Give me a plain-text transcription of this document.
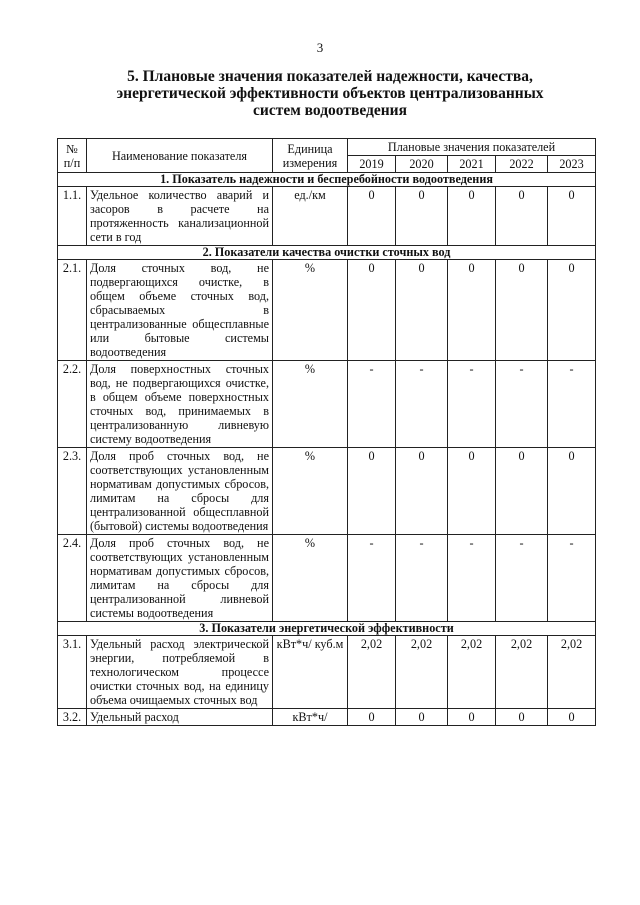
3
5. Плановые значения показателей надежности, качества, энергетической эффективности объектов централизованных систем водоотведения
№ п/п	Наименование показателя	Единица измерения	Плановые значения показателей				
			2019	2020	2021	2022	2023
1. Показатель надежности и бесперебойности водоотведения							
1.1.	Удельное количество аварий и засоров в расчете на протяженность канализационной сети в год	ед./км	0	0	0	0	0
2. Показатели качества очистки сточных вод							
2.1.	Доля сточных вод, не подвергающихся очистке, в общем объеме сточных вод, сбрасываемых в централизованные общесплавные или бытовые системы водоотведения	%	0	0	0	0	0
2.2.	Доля поверхностных сточных вод, не подвергающихся очистке, в общем объеме поверхностных сточных вод, принимаемых в централизованную ливневую систему водоотведения	%	-	-	-	-	-
2.3.	Доля проб сточных вод, не соответствующих установленным нормативам допустимых сбросов, лимитам на сбросы для централизованной общесплавной (бытовой) системы водоотведения	%	0	0	0	0	0
2.4.	Доля проб сточных вод, не соответствующих установленным нормативам допустимых сбросов, лимитам на сбросы для централизованной ливневой системы водоотведения	%	-	-	-	-	-
3. Показатели энергетической эффективности							
3.1.	Удельный расход электрической энергии, потребляемой в технологическом процессе очистки сточных вод, на единицу объема очищаемых сточных вод	кВт*ч/ куб.м	2,02	2,02	2,02	2,02	2,02
3.2.	Удельный расход	кВт*ч/	0	0	0	0	0
